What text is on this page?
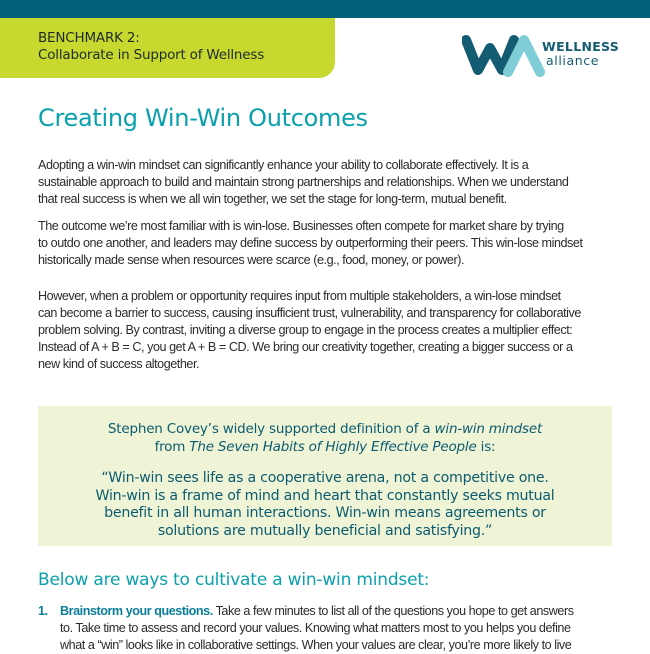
BENCHMARK 2:
Collaborate in Support of Wellness
WELLNESS
alliance
Creating Win-Win Outcomes
Adopting a win-win mindset can significantly enhance your ability to collaborate effectively. It is a
sustainable approach to build and maintain strong partnerships and relationships. When we understand
that real success is when we all win together, we set the stage for long-term, mutual benefit.
The outcome we’re most familiar with is win-lose. Businesses often compete for market share by trying
to outdo one another, and leaders may define success by outperforming their peers. This win-lose mindset
historically made sense when resources were scarce (e.g., food, money, or power).
However, when a problem or opportunity requires input from multiple stakeholders, a win-lose mindset
can become a barrier to success, causing insufficient trust, vulnerability, and transparency for collaborative
problem solving. By contrast, inviting a diverse group to engage in the process creates a multiplier effect:
Instead of A + B = C, you get A + B = CD. We bring our creativity together, creating a bigger success or a
new kind of success altogether.
Stephen Covey’s widely supported definition of a win-win mindset
from The Seven Habits of Highly Effective People is:
“Win-win sees life as a cooperative arena, not a competitive one.
Win-win is a frame of mind and heart that constantly seeks mutual
benefit in all human interactions. Win-win means agreements or
solutions are mutually beneficial and satisfying.”
Below are ways to cultivate a win-win mindset:
1. Brainstorm your questions. Take a few minutes to list all of the questions you hope to get answers
to. Take time to assess and record your values. Knowing what matters most to you helps you define
what a “win” looks like in collaborative settings. When your values are clear, you’re more likely to live
